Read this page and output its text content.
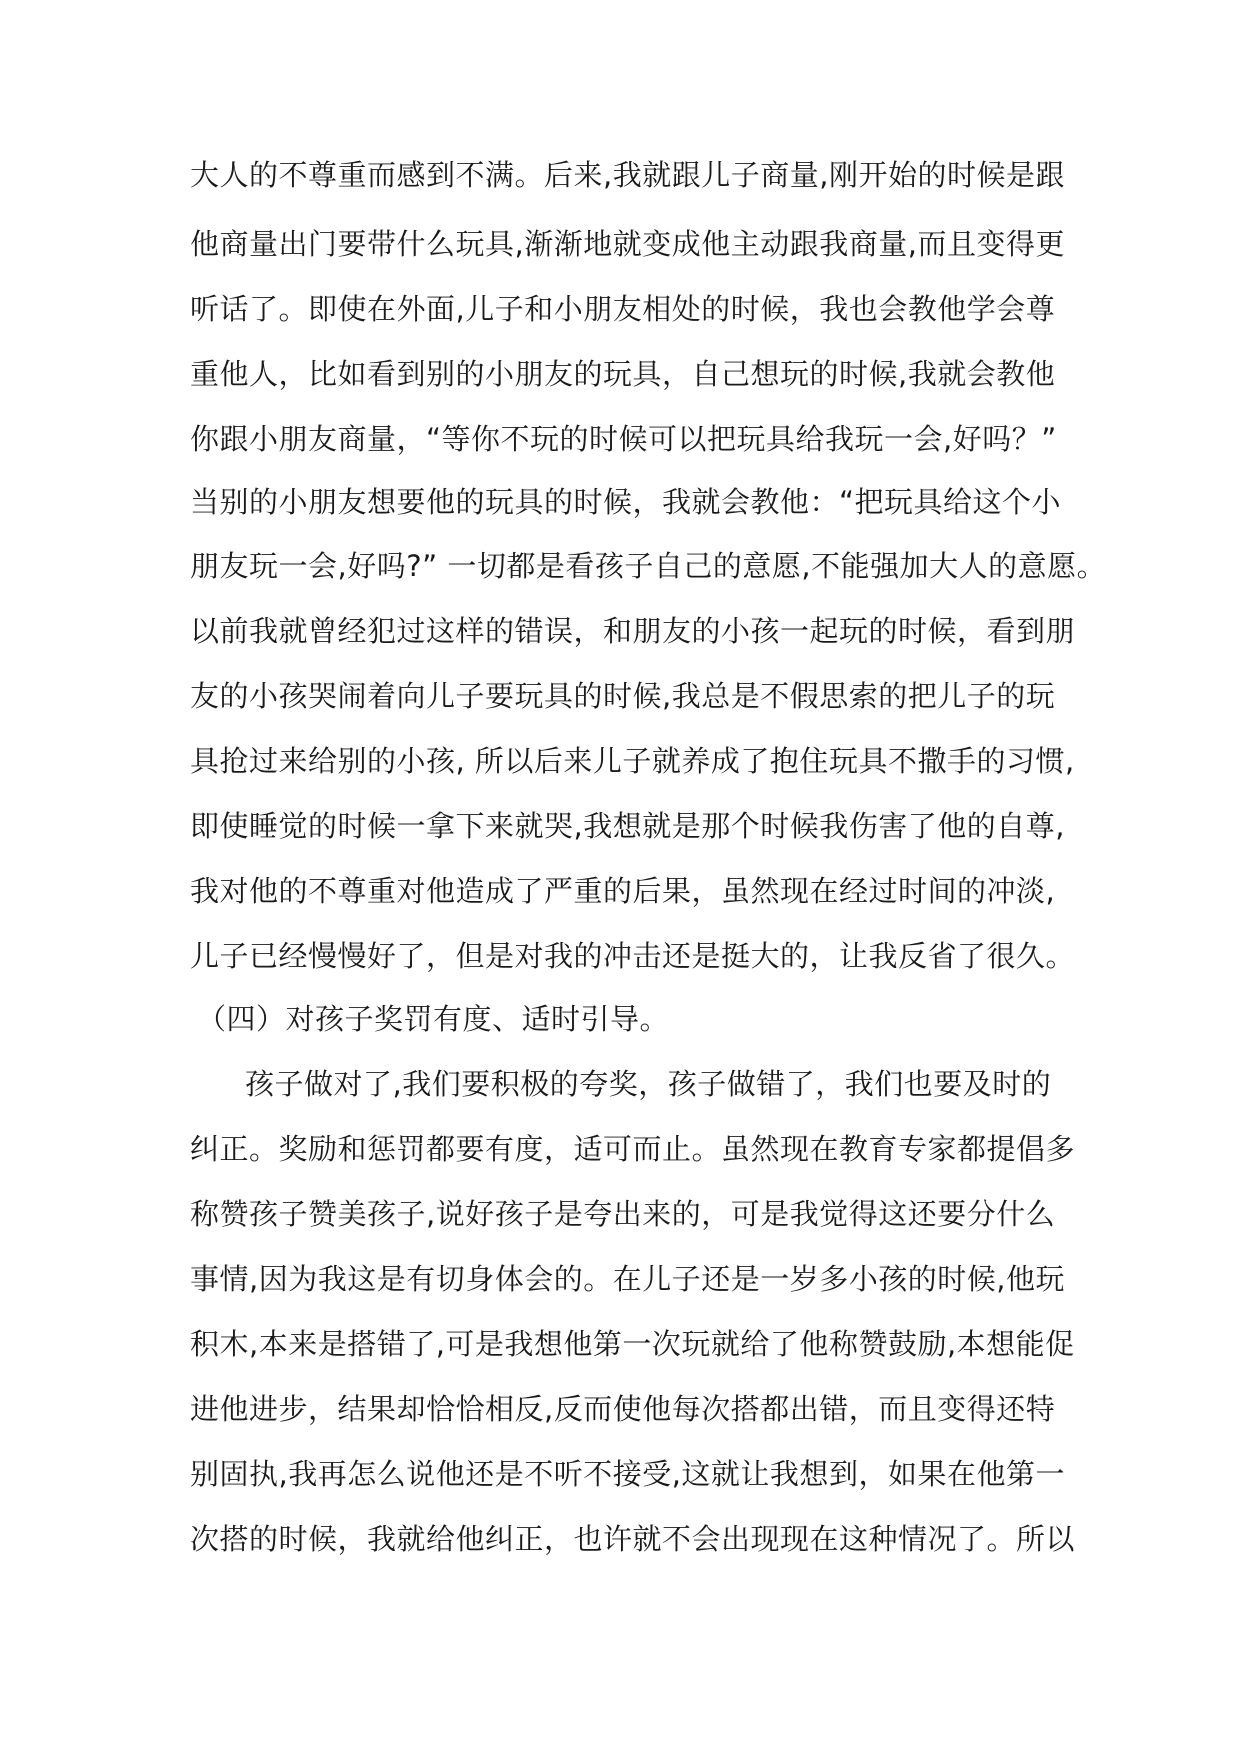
大人的不尊重而感到不满。后来,我就跟儿子商量,刚开始的时候是跟
他商量出门要带什么玩具,渐渐地就变成他主动跟我商量,而且变得更
听话了。即使在外面,儿子和小朋友相处的时候，我也会教他学会尊
重他人，比如看到别的小朋友的玩具，自己想玩的时候,我就会教他
你跟小朋友商量，“等你不玩的时候可以把玩具给我玩一会,好吗？”
当别的小朋友想要他的玩具的时候，我就会教他：“把玩具给这个小
朋友玩一会,好吗?” 一切都是看孩子自己的意愿,不能强加大人的意愿。
以前我就曾经犯过这样的错误，和朋友的小孩一起玩的时候，看到朋
友的小孩哭闹着向儿子要玩具的时候,我总是不假思索的把儿子的玩
具抢过来给别的小孩, 所以后来儿子就养成了抱住玩具不撒手的习惯,
即使睡觉的时候一拿下来就哭,我想就是那个时候我伤害了他的自尊,
我对他的不尊重对他造成了严重的后果，虽然现在经过时间的冲淡,
儿子已经慢慢好了，但是对我的冲击还是挺大的，让我反省了很久。
（四）对孩子奖罚有度、适时引导。
孩子做对了,我们要积极的夸奖，孩子做错了，我们也要及时的
纠正。奖励和惩罚都要有度，适可而止。虽然现在教育专家都提倡多
称赞孩子赞美孩子,说好孩子是夸出来的，可是我觉得这还要分什么
事情,因为我这是有切身体会的。在儿子还是一岁多小孩的时候,他玩
积木,本来是搭错了,可是我想他第一次玩就给了他称赞鼓励,本想能促
进他进步，结果却恰恰相反,反而使他每次搭都出错，而且变得还特
别固执,我再怎么说他还是不听不接受,这就让我想到，如果在他第一
次搭的时候，我就给他纠正，也许就不会出现现在这种情况了。所以
